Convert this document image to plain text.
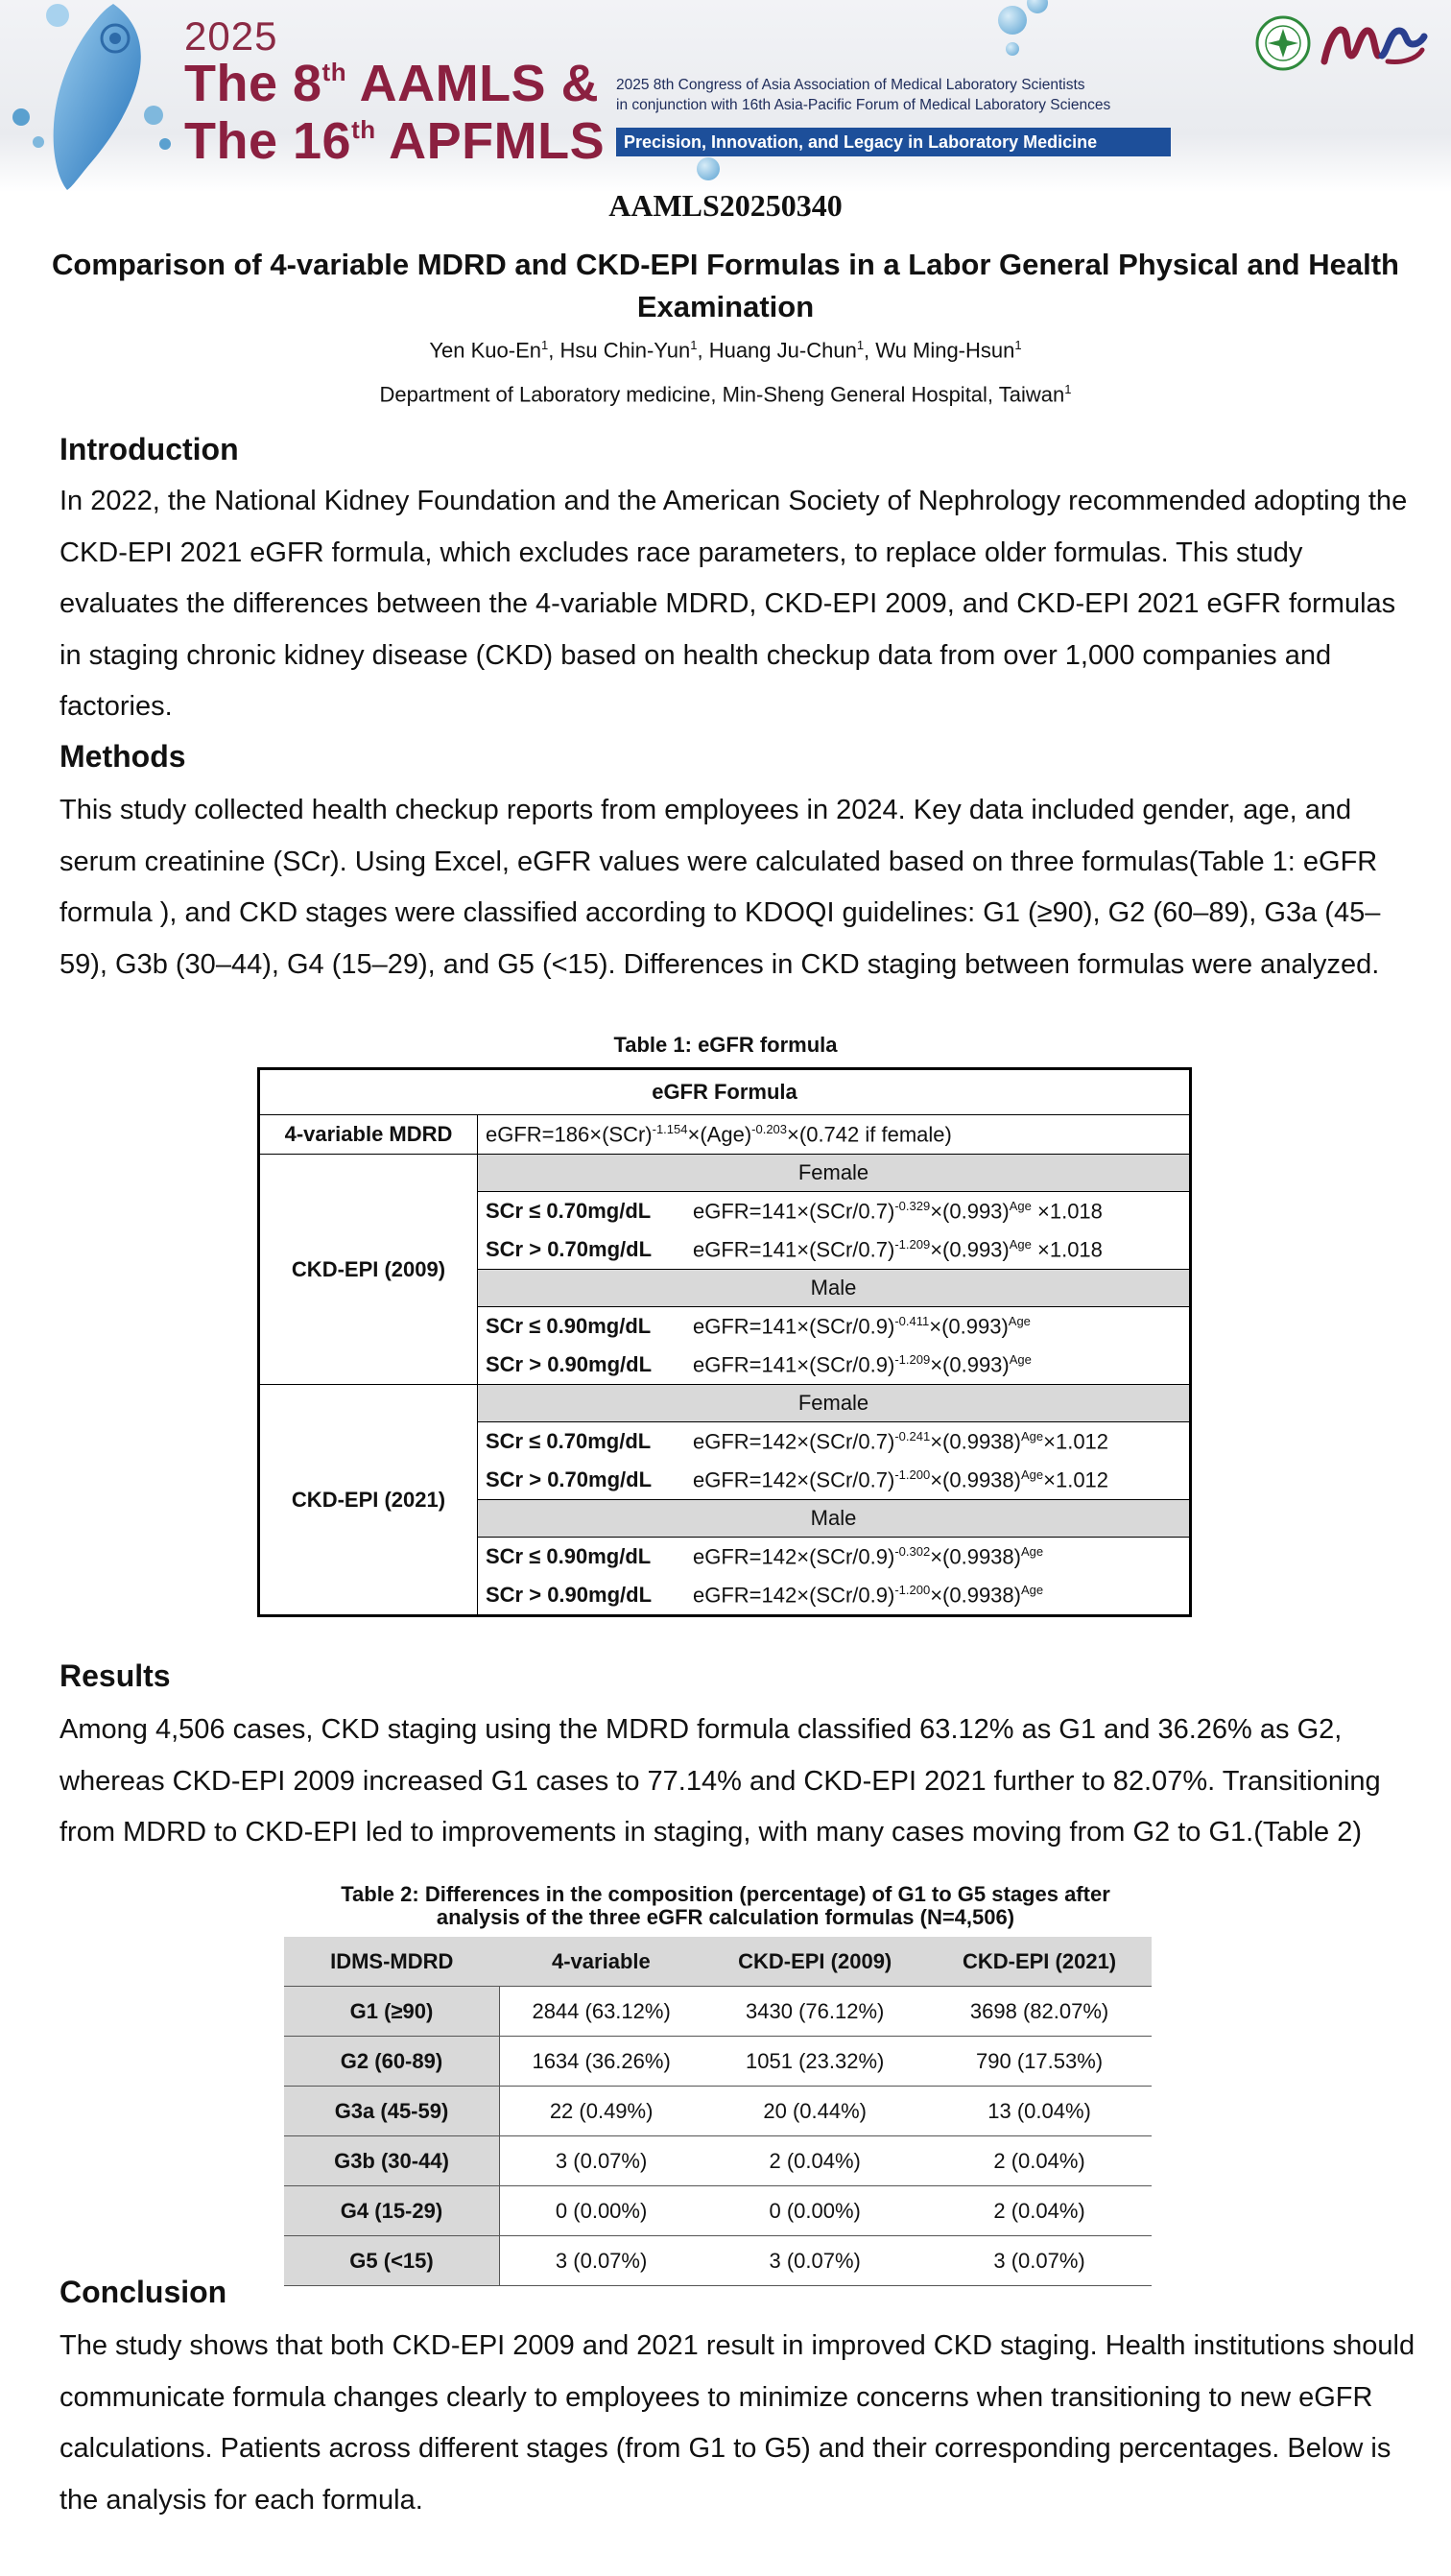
2025
The 8th AAMLS &
The 16th APFMLS
2025 8th Congress of Asia Association of Medical Laboratory Scientists
in conjunction with 16th Asia-Pacific Forum of Medical Laboratory Sciences
Precision, Innovation, and Legacy in Laboratory Medicine
AAMLS20250340
Comparison of 4-variable MDRD and CKD-EPI Formulas in a Labor General Physical and Health Examination
Yen Kuo-En$^1$, Hsu Chin-Yun$^1$, Huang Ju-Chun$^1$, Wu Ming-Hsun$^1$
Department of Laboratory medicine, Min-Sheng General Hospital, Taiwan$^1$
Introduction

In 2022, the National Kidney Foundation and the American Society of Nephrology recommended adopting the CKD-EPI 2021 eGFR formula, which excludes race parameters, to replace older formulas. This study evaluates the differences between the 4-variable MDRD, CKD-EPI 2009, and CKD-EPI 2021 eGFR formulas in staging chronic kidney disease (CKD) based on health checkup data from over 1,000 companies and factories.

Methods

This study collected health checkup reports from employees in 2024. Key data included gender, age, and serum creatinine (SCr). Using Excel, eGFR values were calculated based on three formulas(Table 1: eGFR formula ), and CKD stages were classified according to KDOQI guidelines: G1 (≥90), G2 (60–89), G3a (45–59), G3b (30–44), G4 (15–29), and G5 (<15). Differences in CKD staging between formulas were analyzed.

Table 1: eGFR formula
eGFR Formula		
4-variable MDRD	eGFR=186×(SCr)$^{-1.154}$×(Age)$^{-0.203}$×(0.742 if female)	
CKD-EPI (2009)	Female	
	SCr ≤ 0.70mg/dL	$eGFR=141\times(SCr/0.7)^{-0.329}\times(0.993)^{Age} \times 1.018$
	SCr > 0.70mg/dL	$eGFR=141\times(SCr/0.7)^{-1.209}\times(0.993)^{Age} \times 1.018$
	Male	
	SCr ≤ 0.90mg/dL	$eGFR=141\times(SCr/0.9)^{-0.411}\times(0.993)^{Age}$
	SCr > 0.90mg/dL	$eGFR=141\times(SCr/0.9)^{-1.209}\times(0.993)^{Age}$
CKD-EPI (2021)	Female	
	SCr ≤ 0.70mg/dL	$eGFR=142\times(SCr/0.7)^{-0.241}\times(0.9938)^{Age}\times 1.012$
	SCr > 0.70mg/dL	$eGFR=142\times(SCr/0.7)^{-1.200}\times(0.9938)^{Age}\times 1.012$
	Male	
	SCr ≤ 0.90mg/dL	$eGFR=142\times(SCr/0.9)^{-0.302}\times(0.9938)^{Age}$
	SCr > 0.90mg/dL	$eGFR=142\times(SCr/0.9)^{-1.200}\times(0.9938)^{Age}$
Results

Among 4,506 cases, CKD staging using the MDRD formula classified 63.12% as G1 and 36.26% as G2, whereas CKD-EPI 2009 increased G1 cases to 77.14% and CKD-EPI 2021 further to 82.07%. Transitioning from MDRD to CKD-EPI led to improvements in staging, with many cases moving from G2 to G1.(Table 2)

Table 2: Differences in the composition (percentage) of G1 to G5 stages after
analysis of the three eGFR calculation formulas (N=4,506)
IDMS-MDRD	4-variable	CKD-EPI (2009)	CKD-EPI (2021)
G1 (≥90)	2844 (63.12%)	3430 (76.12%)	3698 (82.07%)
G2 (60-89)	1634 (36.26%)	1051 (23.32%)	790 (17.53%)
G3a (45-59)	22 (0.49%)	20 (0.44%)	13 (0.04%)
G3b (30-44)	3 (0.07%)	2 (0.04%)	2 (0.04%)
G4 (15-29)	0 (0.00%)	0 (0.00%)	2 (0.04%)
G5 (<15)	3 (0.07%)	3 (0.07%)	3 (0.07%)
Conclusion

The study shows that both CKD-EPI 2009 and 2021 result in improved CKD staging. Health institutions should communicate formula changes clearly to employees to minimize concerns when transitioning to new eGFR calculations. Patients across different stages (from G1 to G5) and their corresponding percentages. Below is the analysis for each formula.
